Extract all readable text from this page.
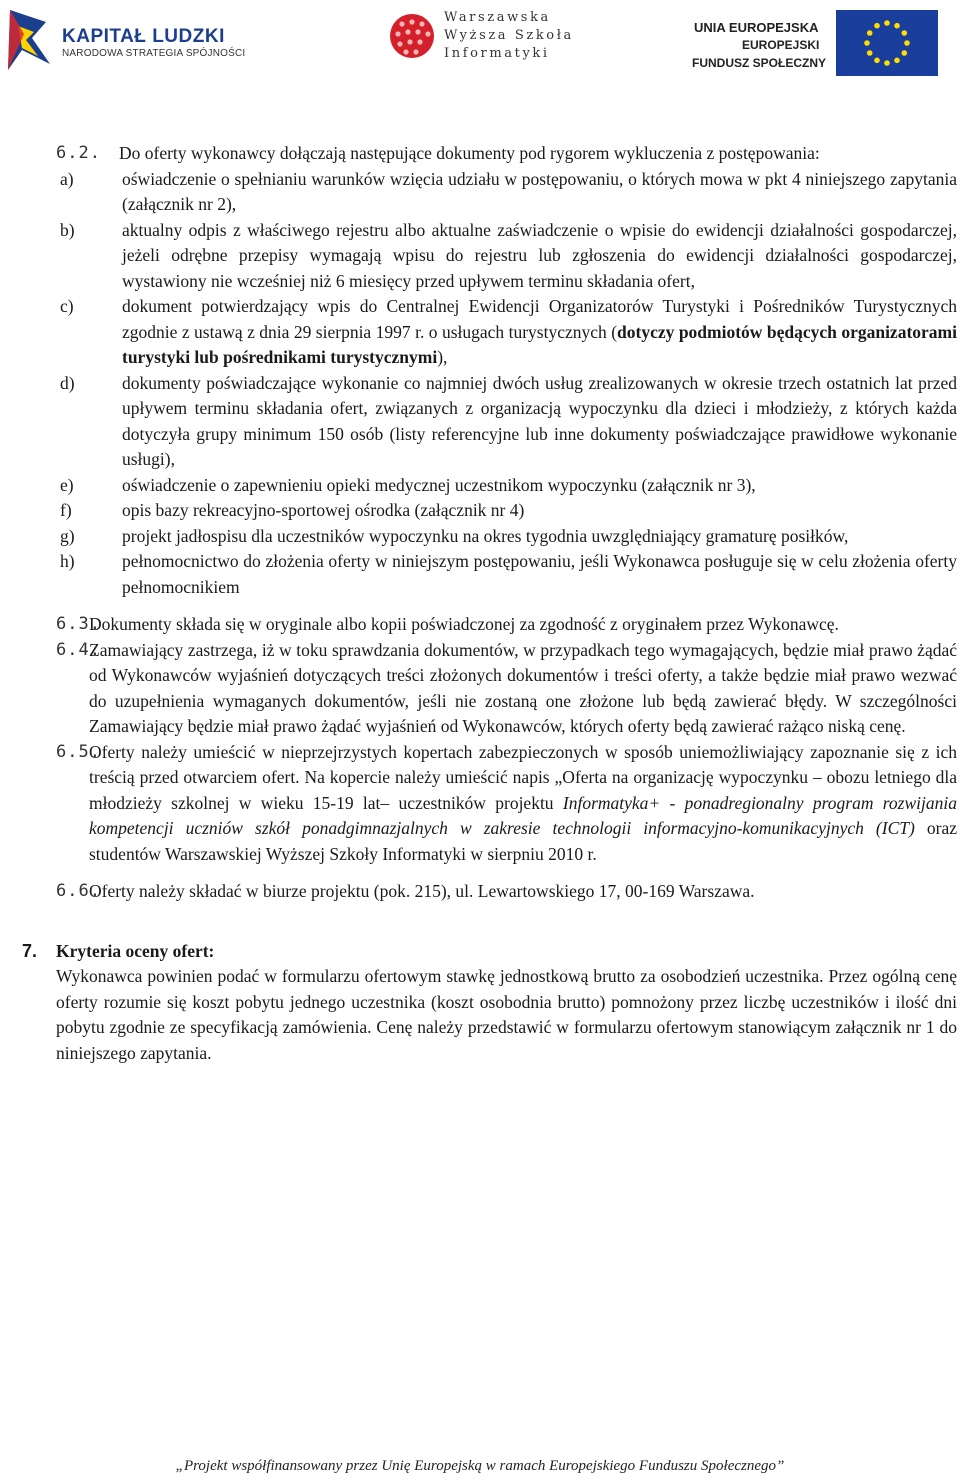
KAPITAŁ LUDZKI
NARODOWA STRATEGIA SPÓJNOŚCI
Warszawska
Wyższa Szkoła
Informatyki
UNIA EUROPEJSKA
EUROPEJSKI
FUNDUSZ SPOŁECZNY
6.2. Do oferty wykonawcy dołączają następujące dokumenty pod rygorem wykluczenia z postępowania:

a)	oświadczenie o spełnianiu warunków wzięcia udziału w postępowaniu, o których mowa w pkt 4 niniejszego zapytania (załącznik nr 2),

b)	aktualny odpis z właściwego rejestru albo aktualne zaświadczenie o wpisie do ewidencji działalności gospodarczej, jeżeli odrębne przepisy wymagają wpisu do rejestru lub zgłoszenia do ewidencji działalności gospodarczej, wystawiony nie wcześniej niż 6 miesięcy przed upływem terminu składania ofert,

c)	dokument potwierdzający wpis do Centralnej Ewidencji Organizatorów Turystyki i Pośredników Turystycznych zgodnie z ustawą z dnia 29 sierpnia 1997 r. o usługach turystycznych (dotyczy podmiotów będących organizatorami turystyki lub pośrednikami turystycznymi),

d)	dokumenty poświadczające wykonanie co najmniej dwóch usług zrealizowanych w okresie trzech ostatnich lat przed upływem terminu składania ofert, związanych z organizacją wypoczynku dla dzieci i młodzieży, z których każda dotyczyła grupy minimum 150 osób (listy referencyjne lub inne dokumenty poświadczające prawidłowe wykonanie usługi),

e)	oświadczenie o zapewnieniu opieki medycznej uczestnikom wypoczynku (załącznik nr 3),

f)	opis bazy rekreacyjno-sportowej ośrodka (załącznik nr 4)

g)	projekt jadłospisu dla uczestników wypoczynku na okres tygodnia uwzględniający gramaturę posiłków,

h)	pełnomocnictwo do złożenia oferty w niniejszym postępowaniu, jeśli Wykonawca posługuje się w celu złożenia oferty pełnomocnikiem

6.3.

Dokumenty składa się w oryginale albo kopii poświadczonej za zgodność z oryginałem przez Wykonawcę.

6.4.

Zamawiający zastrzega, iż w toku sprawdzania dokumentów, w przypadkach tego wymagających, będzie miał prawo żądać od Wykonawców wyjaśnień dotyczących treści złożonych dokumentów i treści oferty, a także będzie miał prawo wezwać do uzupełnienia wymaganych dokumentów, jeśli nie zostaną one złożone lub będą zawierać błędy. W szczególności Zamawiający będzie miał prawo żądać wyjaśnień od Wykonawców, których oferty będą zawierać rażąco niską cenę.

6.5.

Oferty należy umieścić w nieprzejrzystych kopertach zabezpieczonych w sposób uniemożliwiający zapoznanie się z ich treścią przed otwarciem ofert. Na kopercie należy umieścić napis „Oferta na organizację wypoczynku – obozu letniego dla młodzieży szkolnej w wieku 15-19 lat– uczestników projektu Informatyka+ - ponadregionalny program rozwijania kompetencji uczniów szkół ponadgimnazjalnych w zakresie technologii informacyjno-komunikacyjnych (ICT) oraz studentów Warszawskiej Wyższej Szkoły Informatyki w sierpniu 2010 r.

6.6.

Oferty należy składać w biurze projektu (pok. 215), ul. Lewartowskiego 17, 00-169 Warszawa.

7. Kryteria oceny ofert:

Wykonawca powinien podać w formularzu ofertowym stawkę jednostkową brutto za osobodzień uczestnika. Przez ogólną cenę oferty rozumie się koszt pobytu jednego uczestnika (koszt osobodnia brutto) pomnożony przez liczbę uczestników i ilość dni pobytu zgodnie ze specyfikacją zamówienia. Cenę należy przedstawić w formularzu ofertowym stanowiącym załącznik nr 1 do niniejszego zapytania.

„Projekt współfinansowany przez Unię Europejską w ramach Europejskiego Funduszu Społecznego”
